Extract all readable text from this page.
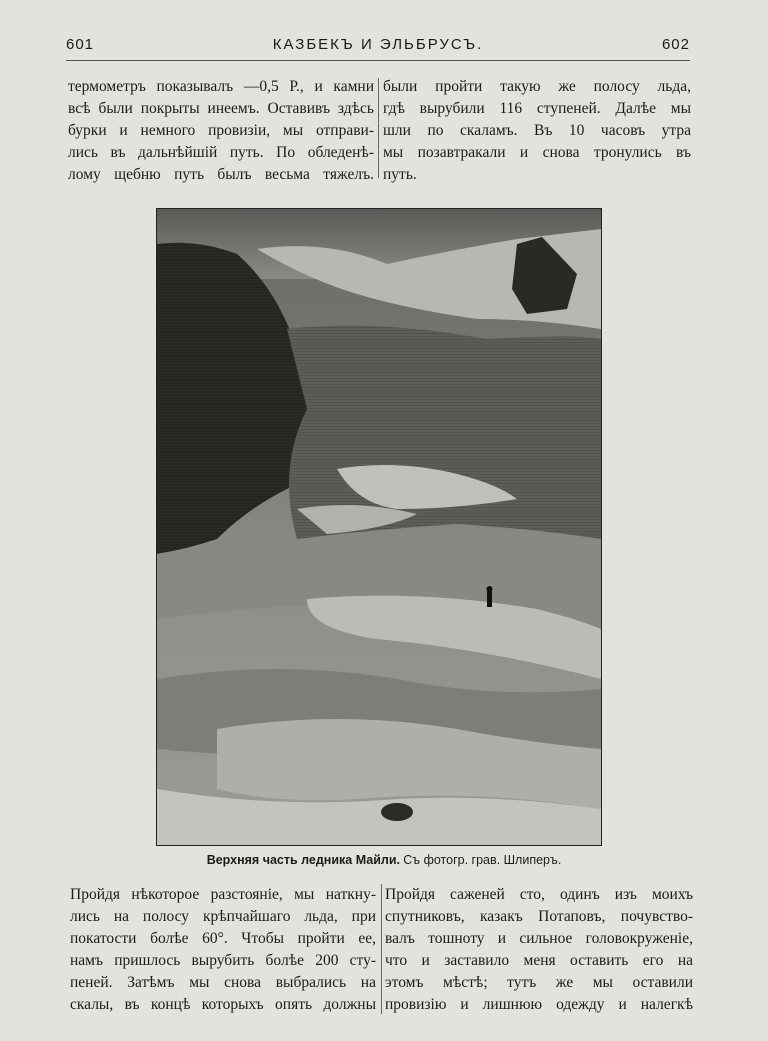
601	КАЗБЕКЪ И ЭЛЬБРУСЪ.	602
термометръ показывалъ —0,5 Р., и камни
всѣ были покрыты инеемъ. Оставивъ здѣсь
бурки и немного провизіи, мы отправи-
лись въ дальнѣйшій путь. По обледенѣ-
лому щебню путь былъ весьма тяжелъ.
были пройти такую же полосу льда,
гдѣ вырубили 116 ступеней. Далѣе мы
шли по скаламъ. Въ 10 часовъ утра
мы позавтракали и снова тронулись въ
путь.
Верхняя часть ледника Майли. Съ фотогр. грав. Шлиперъ.
Пройдя нѣкоторое разстояніе, мы наткну-
лись на полосу крѣпчайшаго льда, при
покатости болѣе 60°. Чтобы пройти ее,
намъ пришлось вырубить болѣе 200 сту-
пеней. Затѣмъ мы снова выбрались на
скалы, въ концѣ которыхъ опять должны
Пройдя саженей сто, одинъ изъ моихъ
спутниковъ, казакъ Потаповъ, почувство-
валъ тошноту и сильное головокруженіе,
что и заставило меня оставить его на
этомъ мѣстѣ; тутъ же мы оставили
провизію и лишнюю одежду и налегкѣ
